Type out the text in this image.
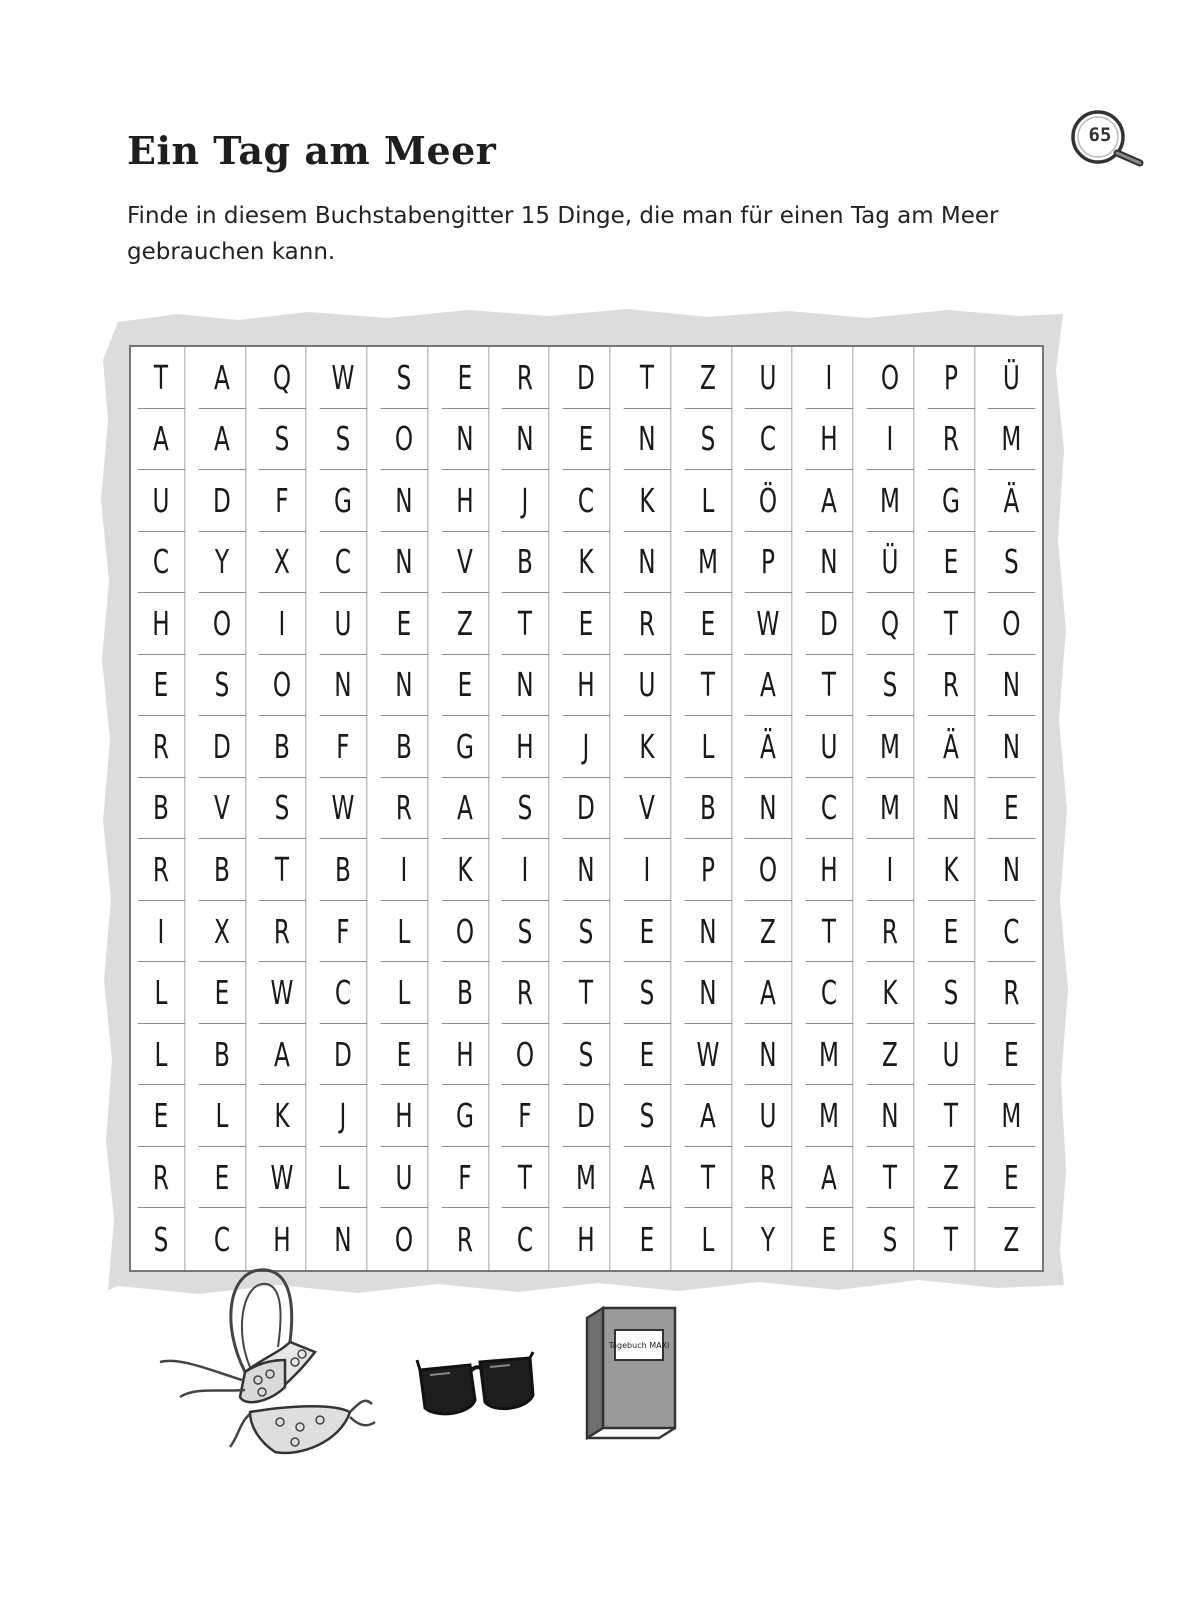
Ein Tag am Meer

Finde in diesem Buchstabengitter 15 Dinge, die man für einen Tag am Meer gebrauchen kann.

65
T	A	Q	W	S	E	R	D	T	Z	U	I	O	P	Ü
A	A	S	S	O	N	N	E	N	S	C	H	I	R	M
U	D	F	G	N	H	J	C	K	L	Ö	A	M	G	Ä
C	Y	X	C	N	V	B	K	N	M	P	N	Ü	E	S
H	O	I	U	E	Z	T	E	R	E	W	D	Q	T	O
E	S	O	N	N	E	N	H	U	T	A	T	S	R	N
R	D	B	F	B	G	H	J	K	L	Ä	U	M	Ä	N
B	V	S	W	R	A	S	D	V	B	N	C	M	N	E
R	B	T	B	I	K	I	N	I	P	O	H	I	K	N
I	X	R	F	L	O	S	S	E	N	Z	T	R	E	C
L	E	W	C	L	B	R	T	S	N	A	C	K	S	R
L	B	A	D	E	H	O	S	E	W	N	M	Z	U	E
E	L	K	J	H	G	F	D	S	A	U	M	N	T	M
R	E	W	L	U	F	T	M	A	T	R	A	T	Z	E
S	C	H	N	O	R	C	H	E	L	Y	E	S	T	Z
Tagebuch MAXI
